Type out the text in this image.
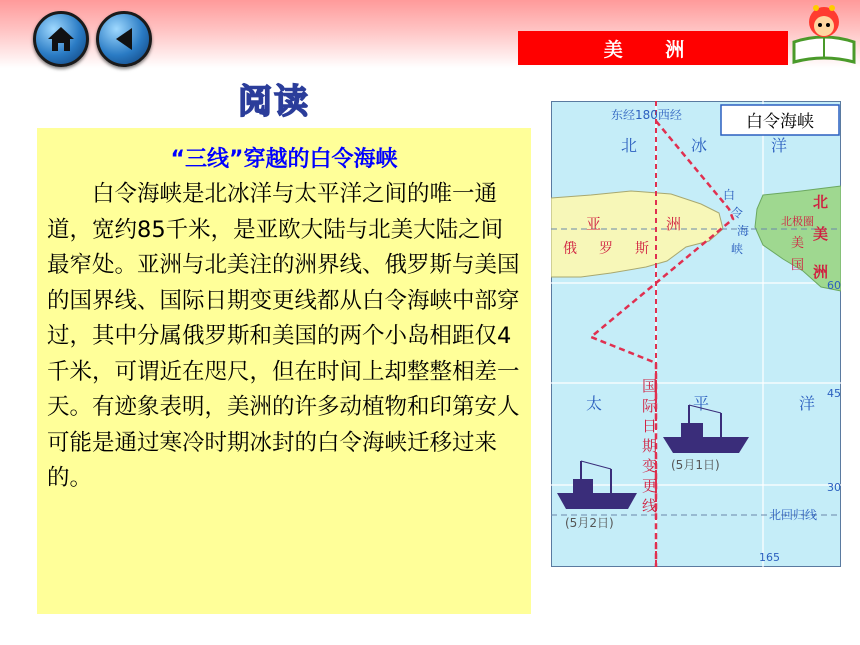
美 洲
阅读
“三线”穿越的白令海峡

白令海峡是北冰洋与太平洋之间的唯一通道，宽约85千米，是亚欧大陆与北美大陆之间最窄处。亚洲与北美注的洲界线、俄罗斯与美国的国界线、国际日期变更线都从白令海峡中部穿过，其中分属俄罗斯和美国的两个小岛相距仅4千米，可谓近在咫尺，但在时间上却整整相差一天。有迹象表明，美洲的许多动植物和印第安人可能是通过寒冷时期冰封的白令海峡迁移过来的。

白令海峡
东经180西经
北	冰	洋
亚	洲
俄 罗 斯
白
令
海
峡
北
美
洲
美
国
北极圈
60
45
30
165
北回归线
太	平	洋
国
际
日
期
变
更
线
(5月1日)
(5月2日)
